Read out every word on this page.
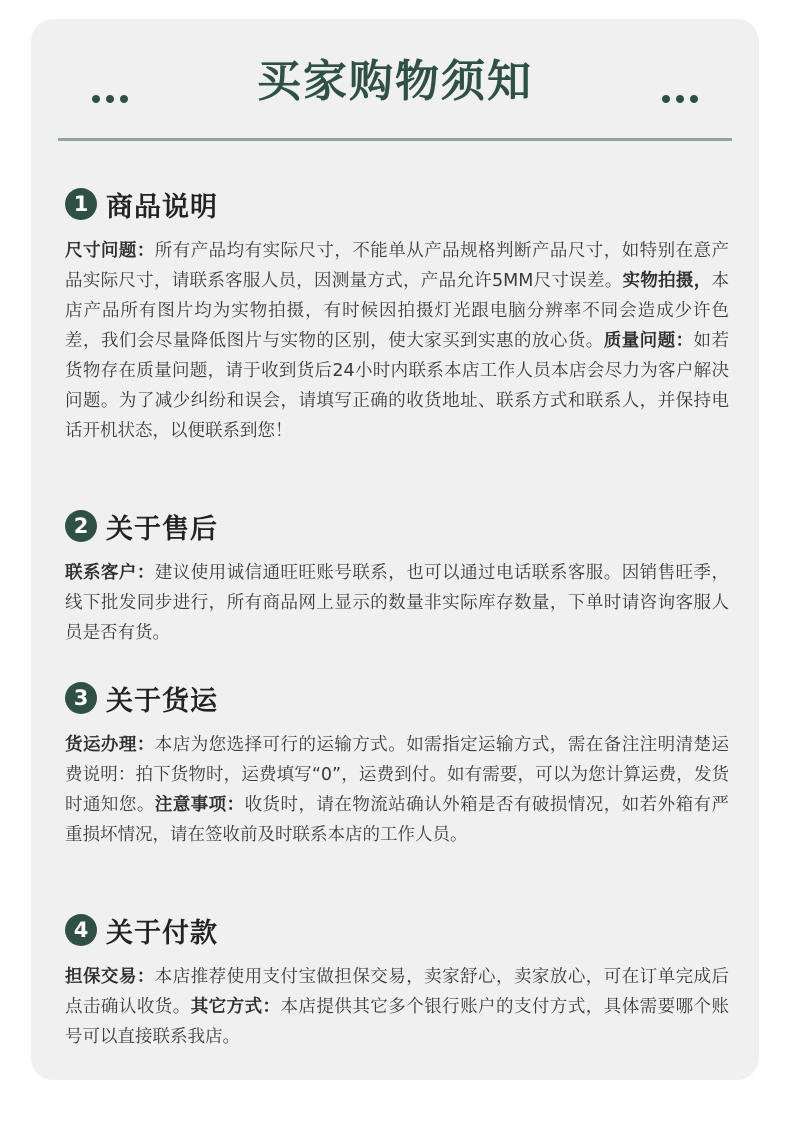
买家购物须知
1 商品说明
尺寸问题：所有产品均有实际尺寸，不能单从产品规格判断产品尺寸，如特别在意产品实际尺寸，请联系客服人员，因测量方式，产品允许5MM尺寸误差。实物拍摄，本店产品所有图片均为实物拍摄，有时候因拍摄灯光跟电脑分辨率不同会造成少许色差，我们会尽量降低图片与实物的区别，使大家买到实惠的放心货。质量问题：如若货物存在质量问题，请于收到货后24小时内联系本店工作人员本店会尽力为客户解决问题。为了减少纠纷和误会，请填写正确的收货地址、联系方式和联系人，并保持电话开机状态，以便联系到您！
2 关于售后
联系客户：建议使用诚信通旺旺账号联系，也可以通过电话联系客服。因销售旺季，线下批发同步进行，所有商品网上显示的数量非实际库存数量，下单时请咨询客服人员是否有货。
3 关于货运
货运办理：本店为您选择可行的运输方式。如需指定运输方式，需在备注注明清楚运费说明：拍下货物时，运费填写“0”，运费到付。如有需要，可以为您计算运费，发货时通知您。注意事项：收货时，请在物流站确认外箱是否有破损情况，如若外箱有严重损坏情况，请在签收前及时联系本店的工作人员。
4 关于付款
担保交易：本店推荐使用支付宝做担保交易，卖家舒心，卖家放心，可在订单完成后点击确认收货。其它方式：本店提供其它多个银行账户的支付方式，具体需要哪个账号可以直接联系我店。
